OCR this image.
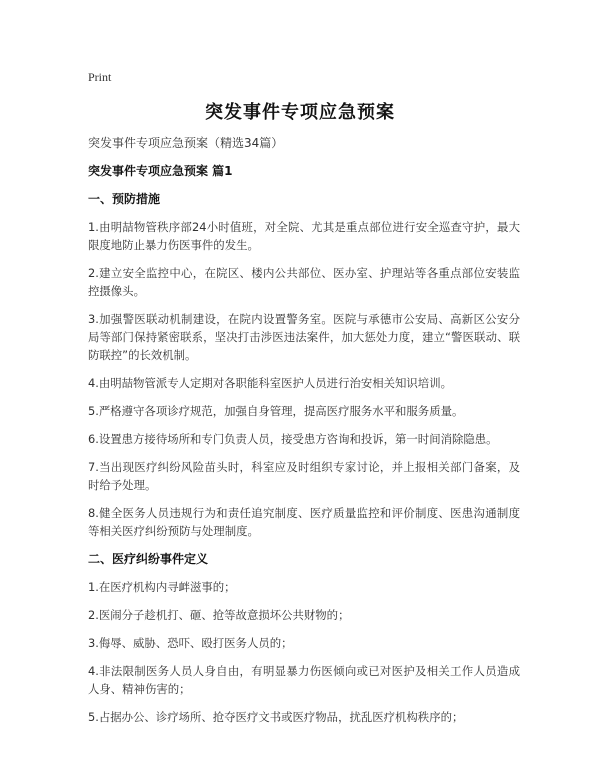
Print
突发事件专项应急预案
突发事件专项应急预案（精选34篇）
突发事件专项应急预案 篇1
一、预防措施
1.由明喆物管秩序部24小时值班，对全院、尤其是重点部位进行安全巡查守护，最大限度地防止暴力伤医事件的发生。
2.建立安全监控中心，在院区、楼内公共部位、医办室、护理站等各重点部位安装监控摄像头。
3.加强警医联动机制建设，在院内设置警务室。医院与承德市公安局、高新区公安分局等部门保持紧密联系，坚决打击涉医违法案件，加大惩处力度，建立“警医联动、联防联控”的长效机制。
4.由明喆物管派专人定期对各职能科室医护人员进行治安相关知识培训。
5.严格遵守各项诊疗规范，加强自身管理，提高医疗服务水平和服务质量。
6.设置患方接待场所和专门负责人员，接受患方咨询和投诉，第一时间消除隐患。
7.当出现医疗纠纷风险苗头时，科室应及时组织专家讨论，并上报相关部门备案，及时给予处理。
8.健全医务人员违规行为和责任追究制度、医疗质量监控和评价制度、医患沟通制度等相关医疗纠纷预防与处理制度。
二、医疗纠纷事件定义
1.在医疗机构内寻衅滋事的；
2.医闹分子趁机打、砸、抢等故意损坏公共财物的；
3.侮辱、威胁、恐吓、殴打医务人员的；
4.非法限制医务人员人身自由，有明显暴力伤医倾向或已对医护及相关工作人员造成人身、精神伤害的；
5.占据办公、诊疗场所、抢夺医疗文书或医疗物品，扰乱医疗机构秩序的；
